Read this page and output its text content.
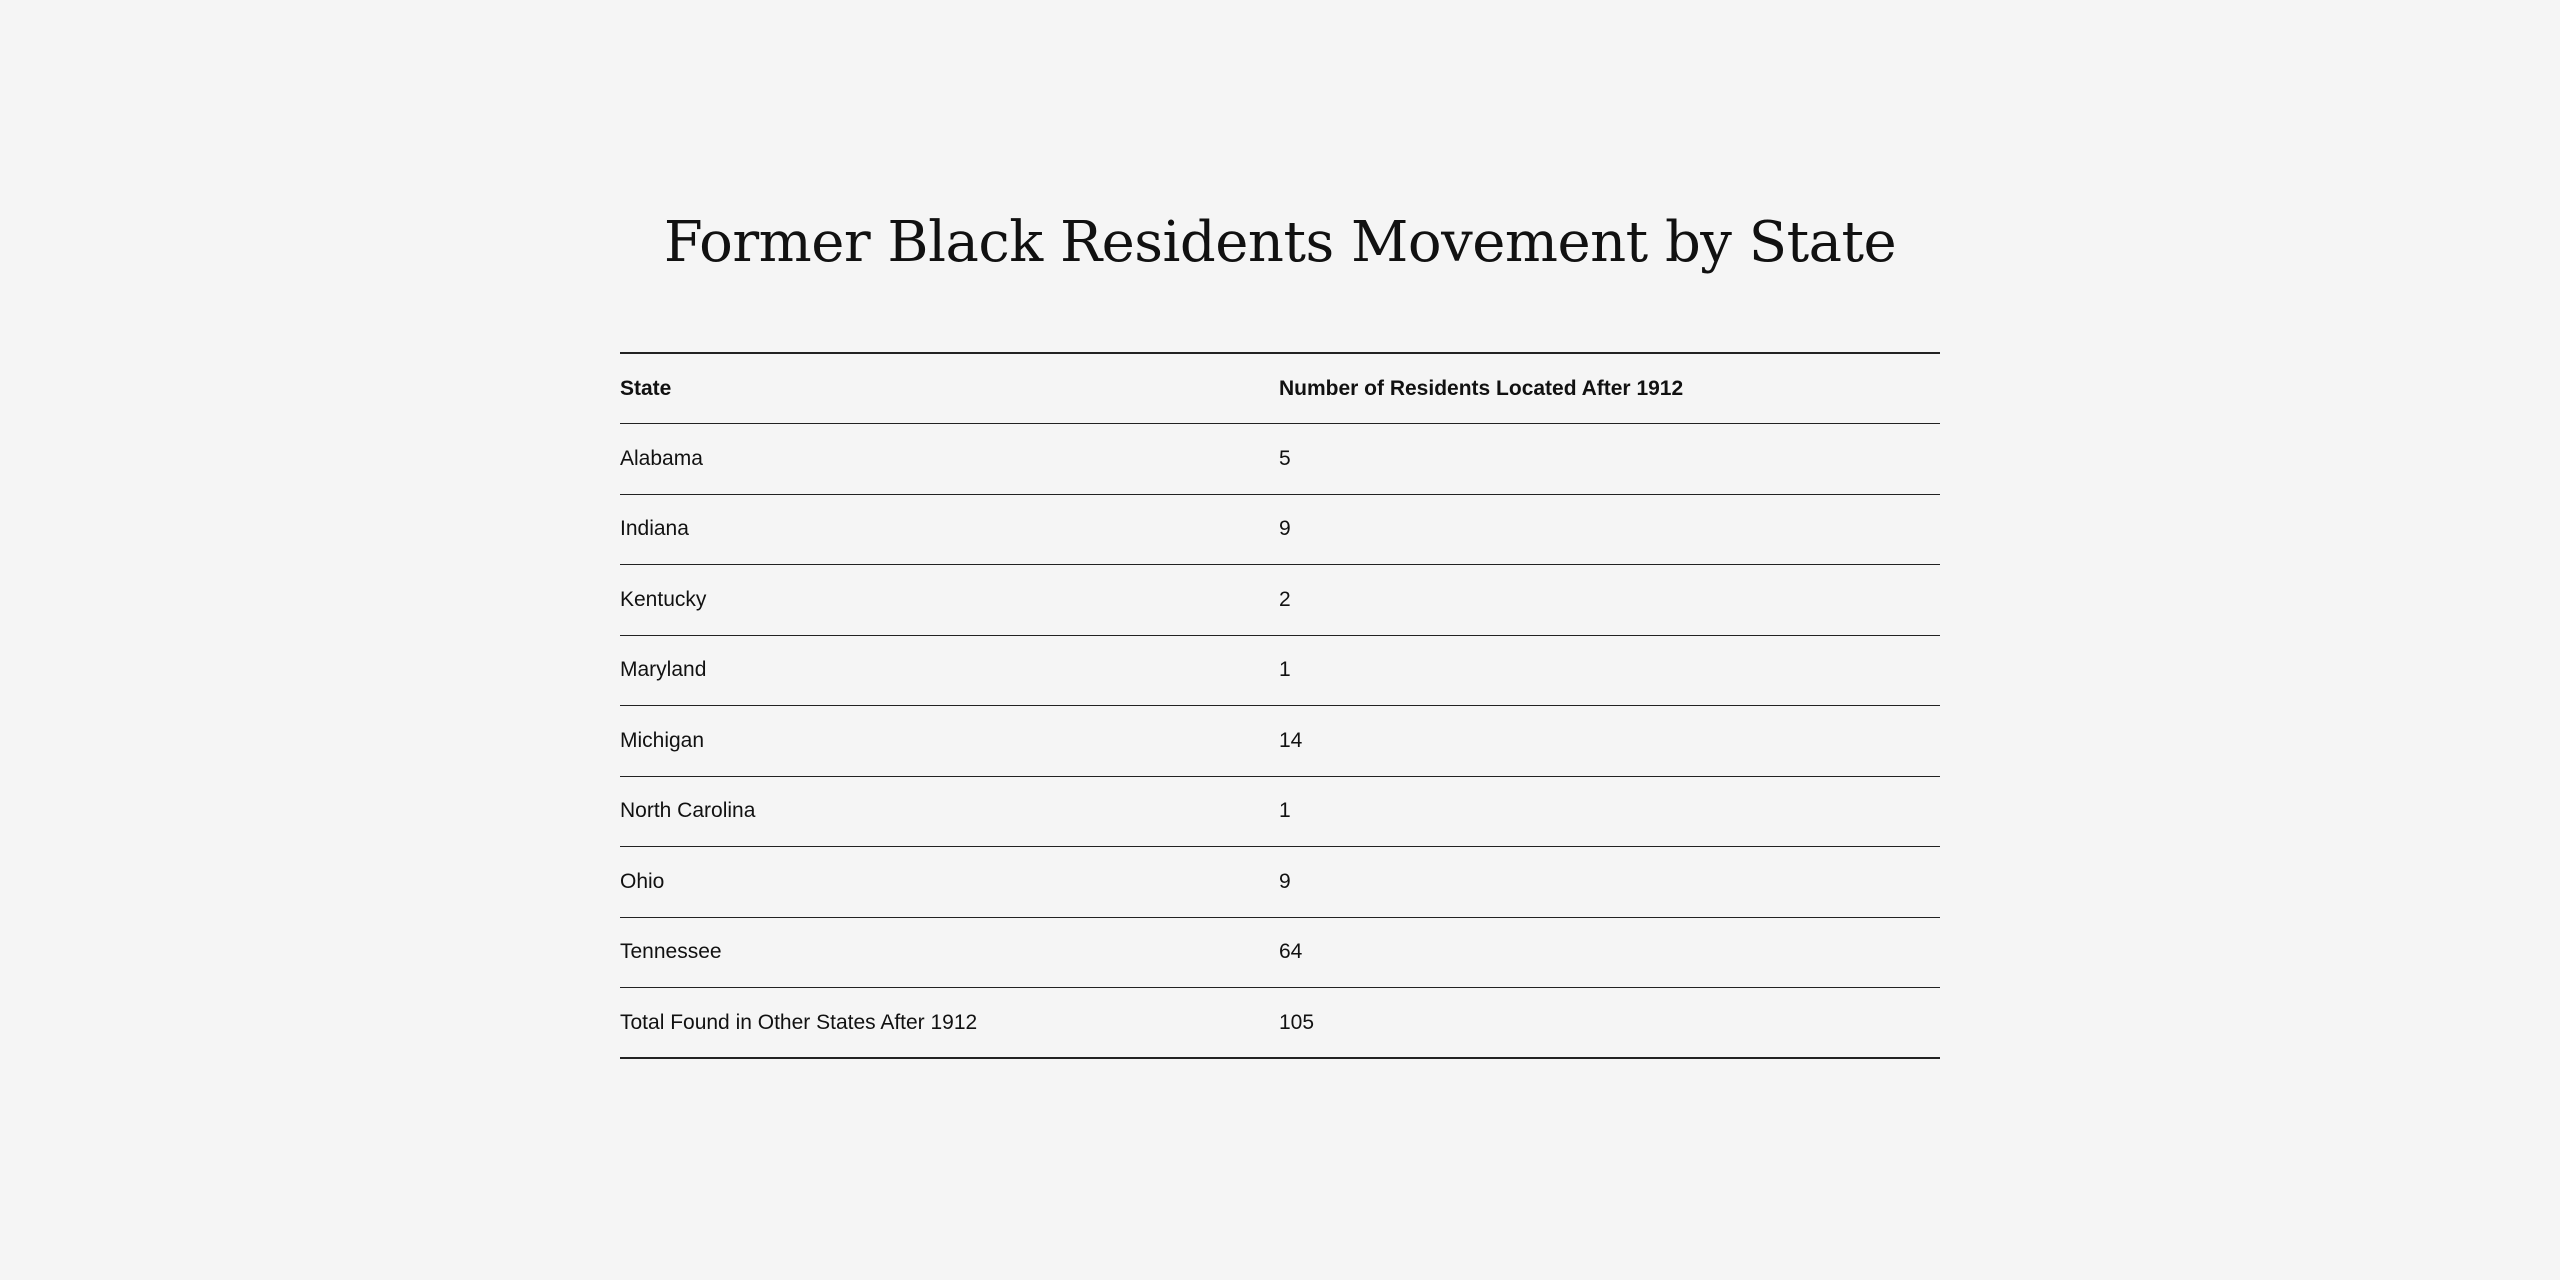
Former Black Residents Movement by State
State	Number of Residents Located After 1912
Alabama	5
Indiana	9
Kentucky	2
Maryland	1
Michigan	14
North Carolina	1
Ohio	9
Tennessee	64
Total Found in Other States After 1912	105
